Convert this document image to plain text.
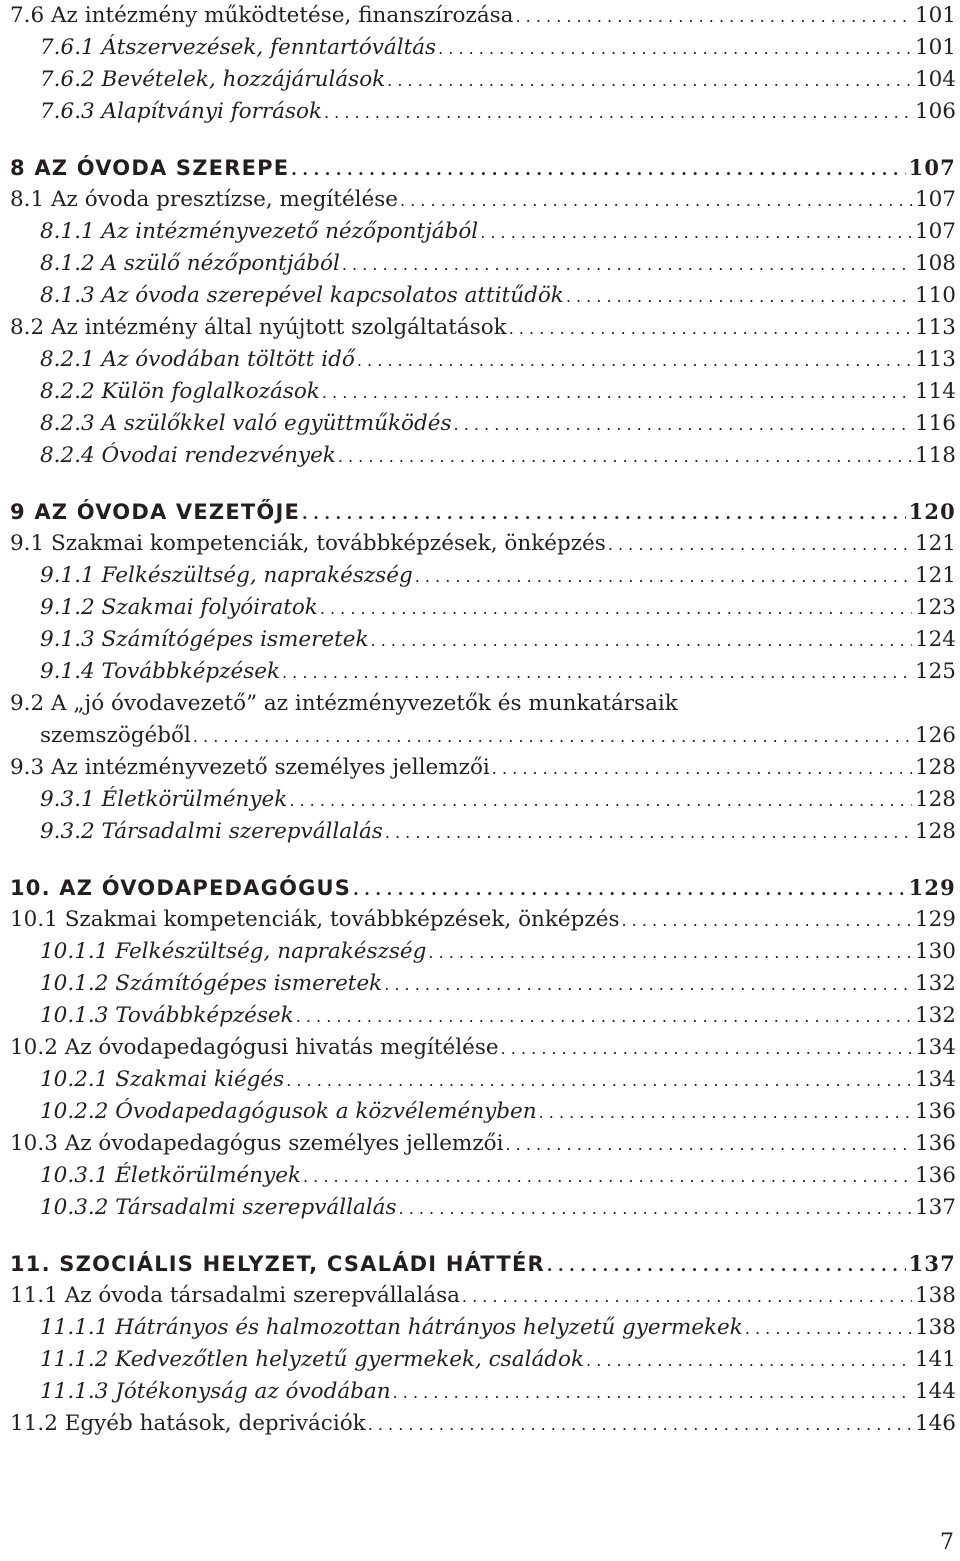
7.6 Az intézmény működtetése, finanszírozása . . .	101
7.6.1 Átszervezések, fenntartóváltás . . .	101
7.6.2 Bevételek, hozzájárulások . . .	104
7.6.3 Alapítványi források . . .	106
8 AZ ÓVODA SZEREPE . . .	107
8.1 Az óvoda presztízse, megítélése . . .	107
8.1.1 Az intézményvezető nézőpontjából . . .	107
8.1.2 A szülő nézőpontjából . . .	108
8.1.3 Az óvoda szerepével kapcsolatos attitűdök . . .	110
8.2 Az intézmény által nyújtott szolgáltatások . . .	113
8.2.1 Az óvodában töltött idő . . .	113
8.2.2 Külön foglalkozások . . .	114
8.2.3 A szülőkkel való együttműködés . . .	116
8.2.4 Óvodai rendezvények . . .	118
9 AZ ÓVODA VEZETŐJE . . .	120
9.1 Szakmai kompetenciák, továbbképzések, önképzés . . .	121
9.1.1 Felkészültség, naprakészség . . .	121
9.1.2 Szakmai folyóiratok . . .	123
9.1.3 Számítógépes ismeretek . . .	124
9.1.4 Továbbképzések . . .	125
9.2 A „jó óvodavezető” az intézményvezetők és munkatársaik
szemszögéből . . .	126
9.3 Az intézményvezető személyes jellemzői . . .	128
9.3.1 Életkörülmények . . .	128
9.3.2 Társadalmi szerepvállalás . . .	128
10. AZ ÓVODAPEDAGÓGUS . . .	129
10.1 Szakmai kompetenciák, továbbképzések, önképzés . . .	129
10.1.1 Felkészültség, naprakészség . . .	130
10.1.2 Számítógépes ismeretek . . .	132
10.1.3 Továbbképzések . . .	132
10.2 Az óvodapedagógusi hivatás megítélése . . .	134
10.2.1 Szakmai kiégés . . .	134
10.2.2 Óvodapedagógusok a közvéleményben . . .	136
10.3 Az óvodapedagógus személyes jellemzői . . .	136
10.3.1 Életkörülmények . . .	136
10.3.2 Társadalmi szerepvállalás . . .	137
11. SZOCIÁLIS HELYZET, CSALÁDI HÁTTÉR . . .	137
11.1 Az óvoda társadalmi szerepvállalása . . .	138
11.1.1 Hátrányos és halmozottan hátrányos helyzetű gyermekek . . .	138
11.1.2 Kedvezőtlen helyzetű gyermekek, családok . . .	141
11.1.3 Jótékonyság az óvodában . . .	144
11.2 Egyéb hatások, deprivációk . . .	146
7
